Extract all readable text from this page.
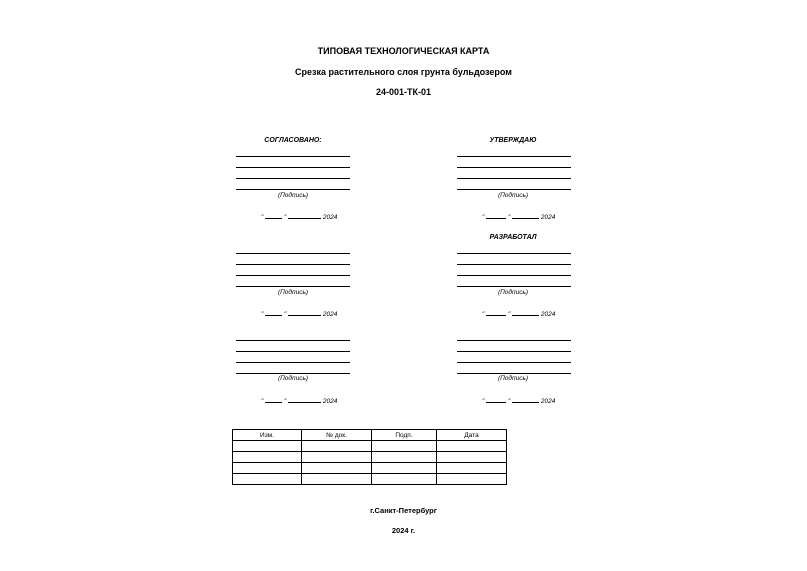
ТИПОВАЯ ТЕХНОЛОГИЧЕСКАЯ КАРТА
Срезка растительного слоя грунта бульдозером
24-001-ТК-01
СОГЛАСОВАНО:
(Подпись)
"	"	2024
(Подпись)
"	"	2024
(Подпись)
"	"	2024
УТВЕРЖДАЮ
(Подпись)
"	"	2024
РАЗРАБОТАЛ
(Подпись)
"	"	2024
(Подпись)
"	"	2024
Изм.	№ док.	Подп.	Дата

г.Санкт-Петербург
2024 г.
